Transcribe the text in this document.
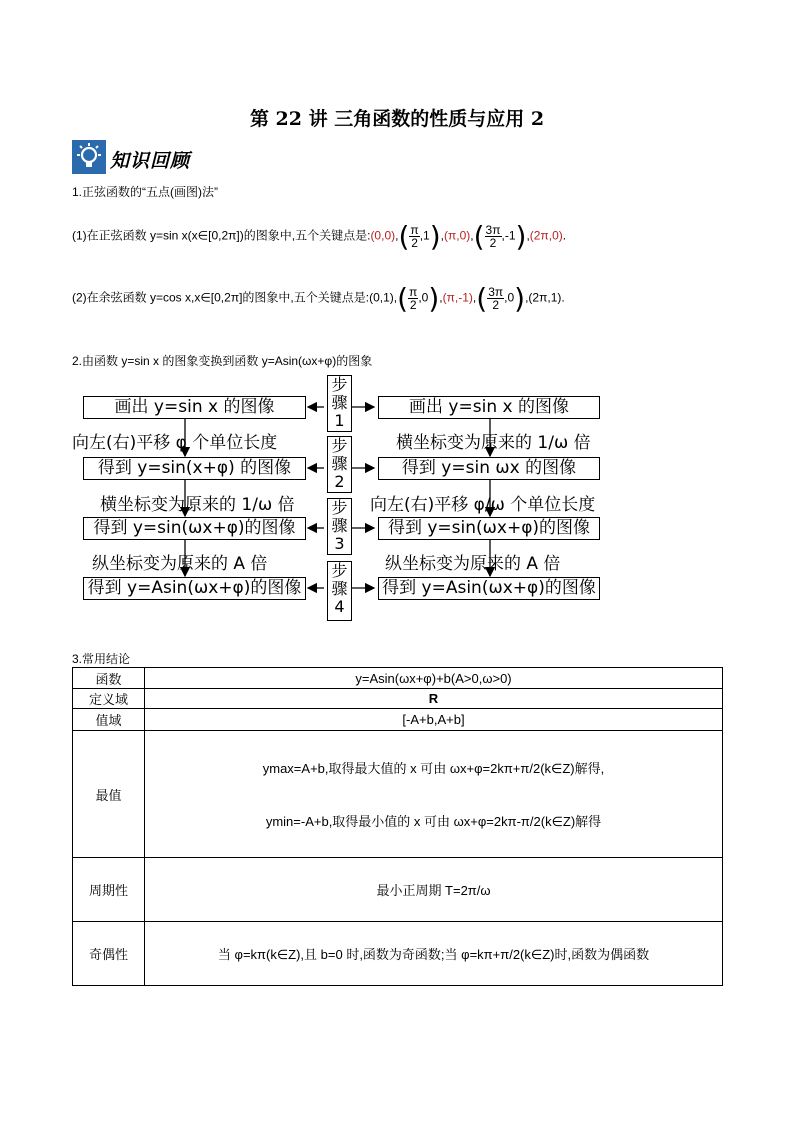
第 22 讲 三角函数的性质与应用 2
知识回顾
1.正弦函数的“五点(画图)法”
(1)在正弦函数 y=sin x(x∈[0,2π])的图象中,五个关键点是:(0,0),( $\frac{\pi}{2} ,1),(\pi,0),( \frac{3\pi}{2} ,-1),(2\pi,0)$.
(2)在余弦函数 y=cos x,x∈[0,2π]的图象中,五个关键点是:(0,1),( $\frac{\pi}{2} ,0),(\pi,-1),( \frac{3\pi}{2} ,0),(2\pi,1)$.
2.由函数 y=sin x 的图象变换到函数 y=Asin(ωx+φ)的图象
画出 y=sin x 的图像
得到 y=sin(x+φ) 的图像
得到 y=sin(ωx+φ)的图像
得到 y=Asin(ωx+φ)的图像
画出 y=sin x 的图像
得到 y=sin ωx 的图像
得到 y=sin(ωx+φ)的图像
得到 y=Asin(ωx+φ)的图像
向左(右)平移 φ 个单位长度
横坐标变为原来的 1/ω 倍
纵坐标变为原来的 A 倍
横坐标变为原来的 1/ω 倍
向左(右)平移 φ/ω 个单位长度
纵坐标变为原来的 A 倍
步
骤
1
步
骤
2
步
骤
3
步
骤
4
3.常用结论
函数	y=Asin(ωx+φ)+b(A>0,ω>0)
定义域	R
值域	[-A+b,A+b]
最值	ymax=A+b,取得最大值的 x 可由 ωx+φ=2kπ+π/2(k∈Z)解得,
ymin=-A+b,取得最小值的 x 可由 ωx+φ=2kπ-π/2(k∈Z)解得

周期性	最小正周期 T=2π/ω
奇偶性	当 φ=kπ(k∈Z),且 b=0 时,函数为奇函数;当 φ=kπ+π/2(k∈Z)时,函数为偶函数
